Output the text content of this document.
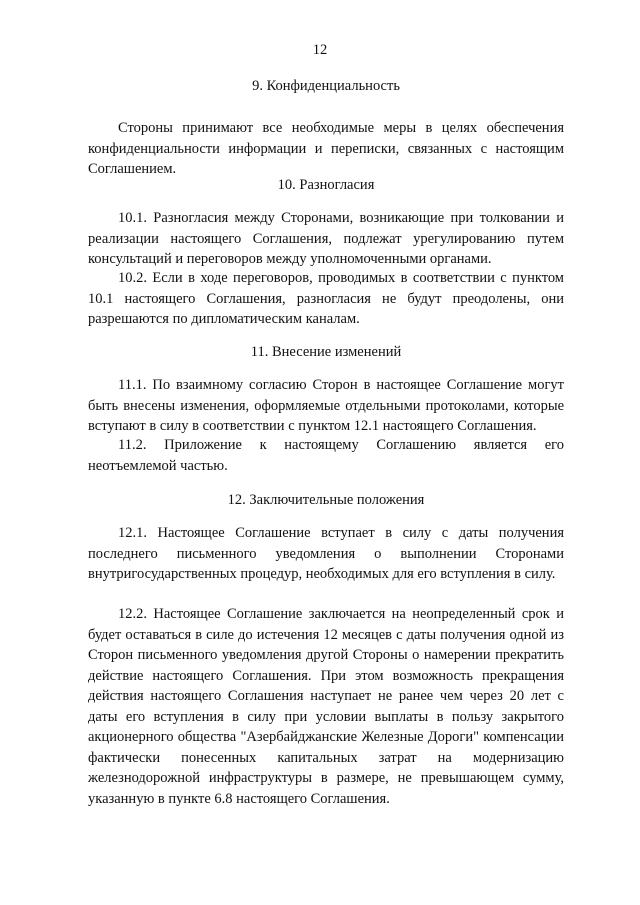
12
9. Конфиденциальность
Стороны принимают все необходимые меры в целях обеспечения конфиденциальности информации и переписки, связанных с настоящим Соглашением.
10. Разногласия
10.1. Разногласия между Сторонами, возникающие при толковании и реализации настоящего Соглашения, подлежат урегулированию путем консультаций и переговоров между уполномоченными органами.
10.2. Если в ходе переговоров, проводимых в соответствии с пунктом 10.1 настоящего Соглашения, разногласия не будут преодолены, они разрешаются по дипломатическим каналам.
11. Внесение изменений
11.1. По взаимному согласию Сторон в настоящее Соглашение могут быть внесены изменения, оформляемые отдельными протоколами, которые вступают в силу в соответствии с пунктом 12.1 настоящего Соглашения.
11.2. Приложение к настоящему Соглашению является его неотъемлемой частью.
12. Заключительные положения
12.1. Настоящее Соглашение вступает в силу с даты получения последнего письменного уведомления о выполнении Сторонами внутригосударственных процедур, необходимых для его вступления в силу.
12.2. Настоящее Соглашение заключается на неопределенный срок и будет оставаться в силе до истечения 12 месяцев с даты получения одной из Сторон письменного уведомления другой Стороны о намерении прекратить действие настоящего Соглашения. При этом возможность прекращения действия настоящего Соглашения наступает не ранее чем через 20 лет с даты его вступления в силу при условии выплаты в пользу закрытого акционерного общества "Азербайджанские Железные Дороги" компенсации фактически понесенных капитальных затрат на модернизацию железнодорожной инфраструктуры в размере, не превышающем сумму, указанную в пункте 6.8 настоящего Соглашения.
